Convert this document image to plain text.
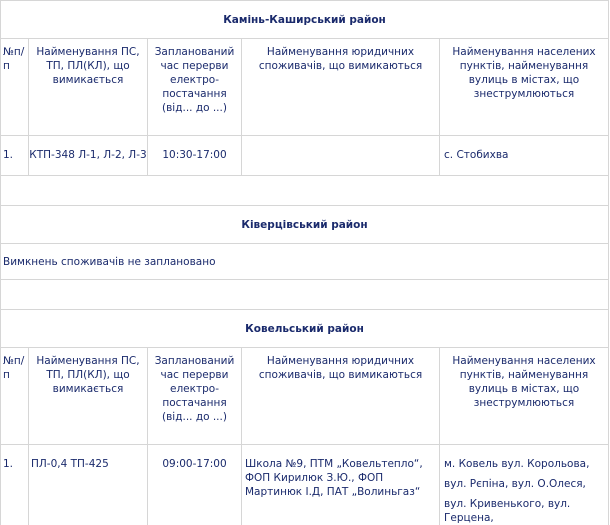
Камінь-Каширський район				

№п/
п	Найменування ПС,
ТП, ПЛ(КЛ), що
вимикається	Запланований
час перерви
електро-
постачання
(від... до ...)	Найменування юридичних
споживачів, що вимикаються	Найменування населених
пунктів, найменування
вулиць в містах, що
знеструмлюються

1.	КТП-348 Л-1, Л-2, Л-3	10:30-17:00		с. Стобихва

Ківерцівський район				
Вимкнень споживачів не заплановано				

Ковельський район				

№п/
п	Найменування ПС,
ТП, ПЛ(КЛ), що
вимикається	Запланований
час перерви
електро-
постачання
(від... до ...)	Найменування юридичних
споживачів, що вимикаються	Найменування населених
пунктів, найменування
вулиць в містах, що
знеструмлюються

1.	ПЛ-0,4 ТП-425	09:00-17:00	Школа №9, ПТМ „Ковельтепло“,
ФОП Кирилюк З.Ю., ФОП
Мартинюк І.Д, ПАТ „Волиньгаз“	м. Ковель вул. Корольова,
вул. Рєпіна, вул. О.Олеся,
вул. Кривенького, вул. Герцена,
